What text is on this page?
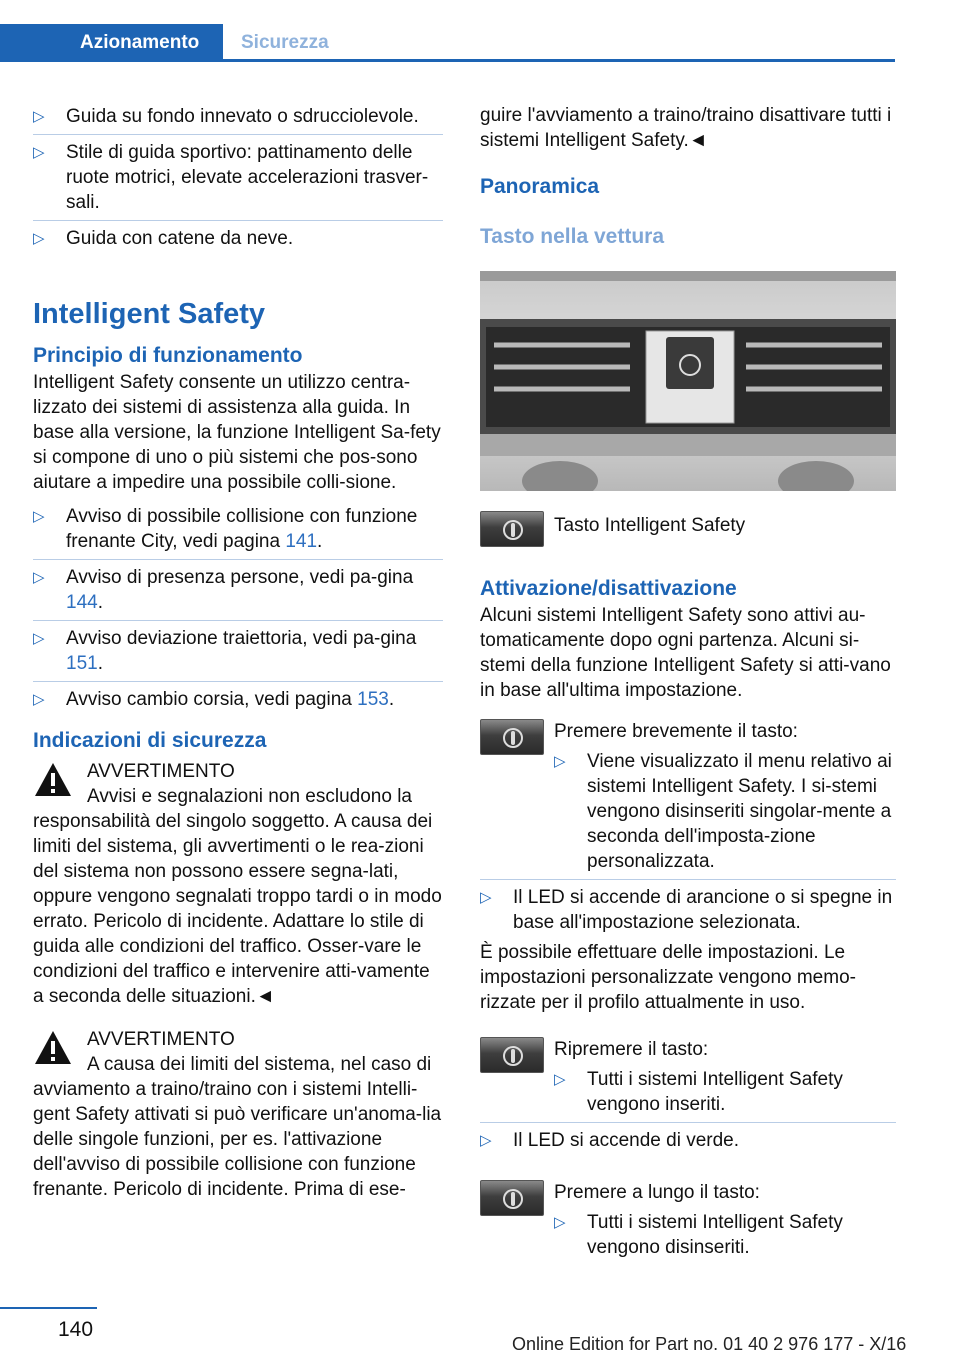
Azionamento	Sicurezza
▷	Guida su fondo innevato o sdrucciolevole.
▷	Stile di guida sportivo: pattinamento delle ruote motrici, elevate accelerazioni trasver-sali.
▷	Guida con catene da neve.
Intelligent Safety
Principio di funzionamento
Intelligent Safety consente un utilizzo centra-lizzato dei sistemi di assistenza alla guida. In base alla versione, la funzione Intelligent Sa-fety si compone di uno o più sistemi che pos-sono aiutare a impedire una possibile colli-sione.
▷	Avviso di possibile collisione con funzione frenante City, vedi pagina 141.
▷	Avviso di presenza persone, vedi pa-gina 144.
▷	Avviso deviazione traiettoria, vedi pa-gina 151.
▷	Avviso cambio corsia, vedi pagina 153.
Indicazioni di sicurezza
AVVERTIMENTO
Avvisi e segnalazioni non escludono la responsabilità del singolo soggetto. A causa dei limiti del sistema, gli avvertimenti o le rea-zioni del sistema non possono essere segna-lati, oppure vengono segnalati troppo tardi o in modo errato. Pericolo di incidente. Adattare lo stile di guida alle condizioni del traffico. Osser-vare le condizioni del traffico e intervenire atti-vamente a seconda delle situazioni.◄
AVVERTIMENTO
A causa dei limiti del sistema, nel caso di avviamento a traino/traino con i sistemi Intelli-gent Safety attivati si può verificare un'anoma-lia delle singole funzioni, per es. l'attivazione dell'avviso di possibile collisione con funzione frenante. Pericolo di incidente. Prima di ese-
guire l'avviamento a traino/traino disattivare tutti i sistemi Intelligent Safety.◄
Panoramica
Tasto nella vettura
Tasto Intelligent Safety
Attivazione/disattivazione
Alcuni sistemi Intelligent Safety sono attivi au-tomaticamente dopo ogni partenza. Alcuni si-stemi della funzione Intelligent Safety si atti-vano in base all'ultima impostazione.
Premere brevemente il tasto:
▷	Viene visualizzato il menu relativo ai sistemi Intelligent Safety. I si-stemi vengono disinseriti singolar-mente a seconda dell'imposta-zione personalizzata.
▷	Il LED si accende di arancione o si spegne in base all'impostazione selezionata.
È possibile effettuare delle impostazioni. Le impostazioni personalizzate vengono memo-rizzate per il profilo attualmente in uso.
Ripremere il tasto:
▷	Tutti i sistemi Intelligent Safety vengono inseriti.
▷	Il LED si accende di verde.
Premere a lungo il tasto:
▷	Tutti i sistemi Intelligent Safety vengono disinseriti.
140
Online Edition for Part no. 01 40 2 976 177 - X/16
